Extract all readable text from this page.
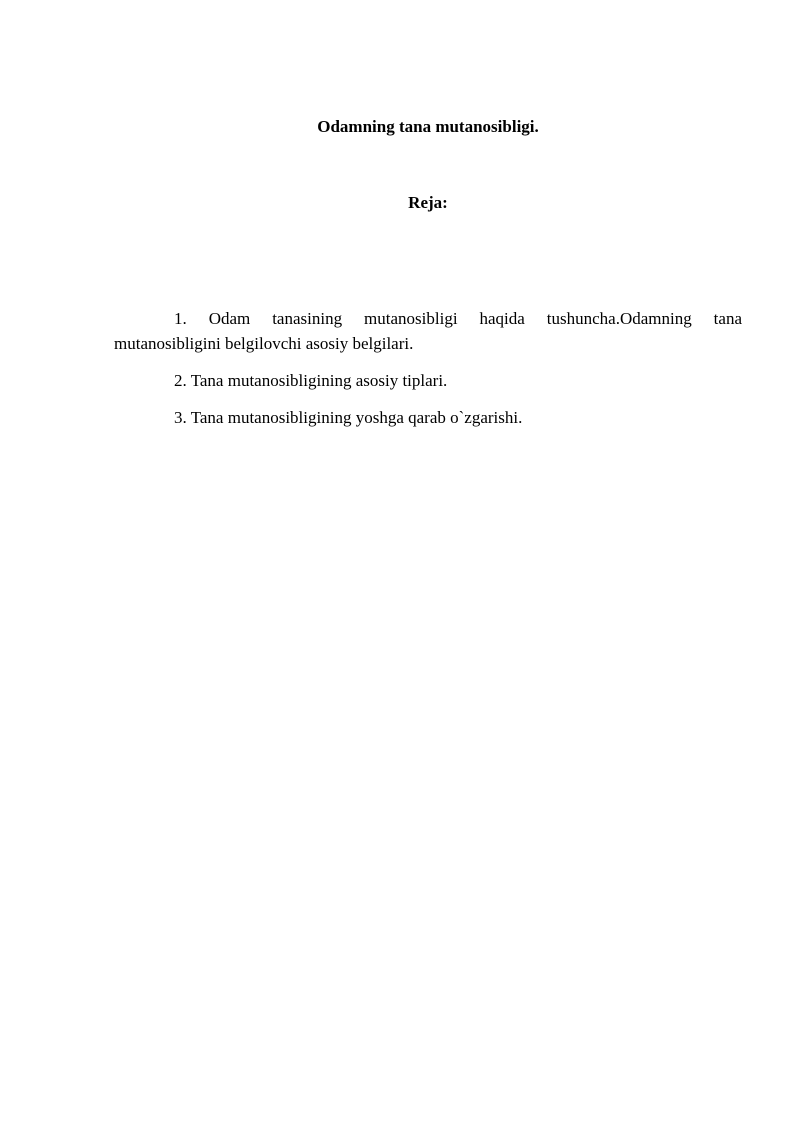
Odamning tana mutanosibligi.
Reja:
1. Odam tanasining mutanosibligi haqida tushuncha.Odamning tana mutanosibligini belgilovchi asosiy belgilari.
2. Tana mutanosibligining asosiy tiplari.
3. Tana mutanosibligining yoshga qarab o`zgarishi.
